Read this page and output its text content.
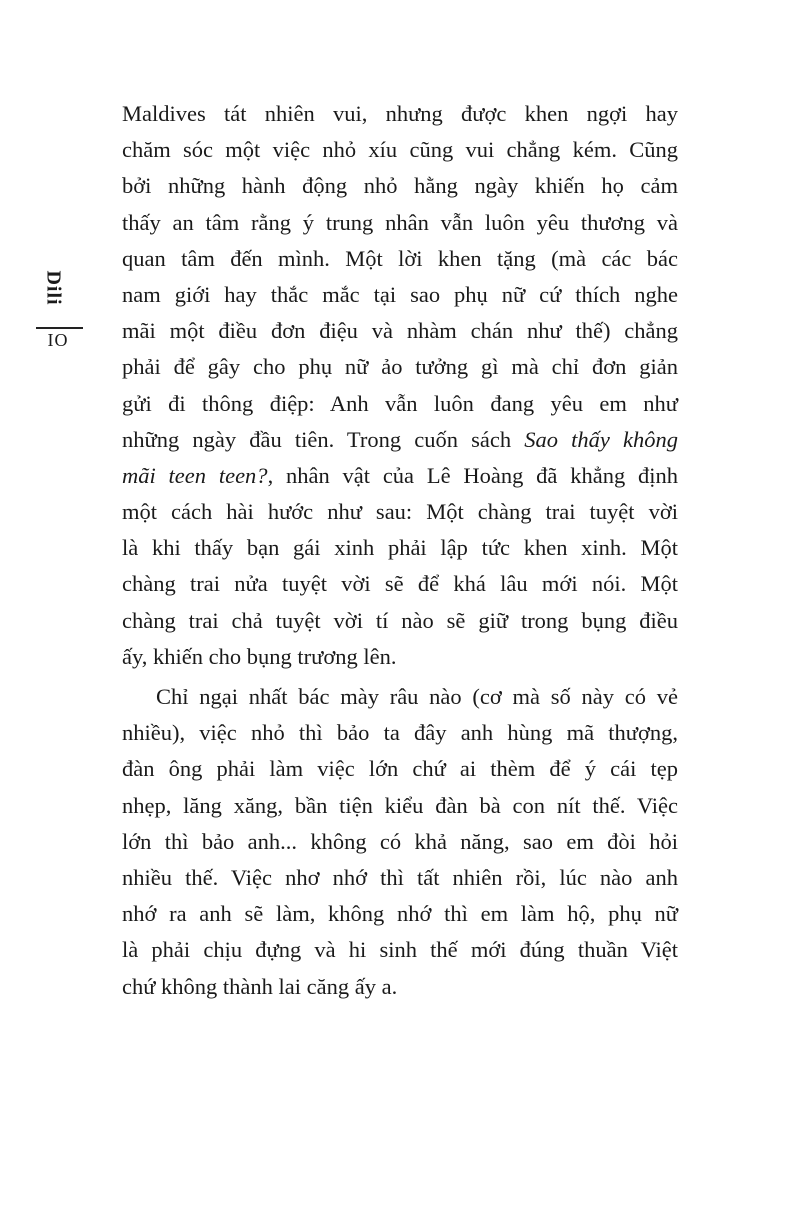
Dili
IO
Maldives tát nhiên vui, nhưng được khen ngợi hay
chăm sóc một việc nhỏ xíu cũng vui chẳng kém. Cũng
bởi những hành động nhỏ hằng ngày khiến họ cảm
thấy an tâm rằng ý trung nhân vẫn luôn yêu thương và
quan tâm đến mình. Một lời khen tặng (mà các bác
nam giới hay thắc mắc tại sao phụ nữ cứ thích nghe
mãi một điều đơn điệu và nhàm chán như thế) chẳng
phải để gây cho phụ nữ ảo tưởng gì mà chỉ đơn giản
gửi đi thông điệp: Anh vẫn luôn đang yêu em như
những ngày đầu tiên. Trong cuốn sách Sao thấy không
mãi teen teen?, nhân vật của Lê Hoàng đã khẳng định
một cách hài hước như sau: Một chàng trai tuyệt vời
là khi thấy bạn gái xinh phải lập tức khen xinh. Một
chàng trai nửa tuyệt vời sẽ để khá lâu mới nói. Một
chàng trai chả tuyệt vời tí nào sẽ giữ trong bụng điều
ấy, khiến cho bụng trương lên.
Chỉ ngại nhất bác mày râu nào (cơ mà số này có vẻ
nhiều), việc nhỏ thì bảo ta đây anh hùng mã thượng,
đàn ông phải làm việc lớn chứ ai thèm để ý cái tẹp
nhẹp, lăng xăng, bần tiện kiểu đàn bà con nít thế. Việc
lớn thì bảo anh... không có khả năng, sao em đòi hỏi
nhiều thế. Việc nhơ nhớ thì tất nhiên rồi, lúc nào anh
nhớ ra anh sẽ làm, không nhớ thì em làm hộ, phụ nữ
là phải chịu đựng và hi sinh thế mới đúng thuần Việt
chứ không thành lai căng ấy a.
